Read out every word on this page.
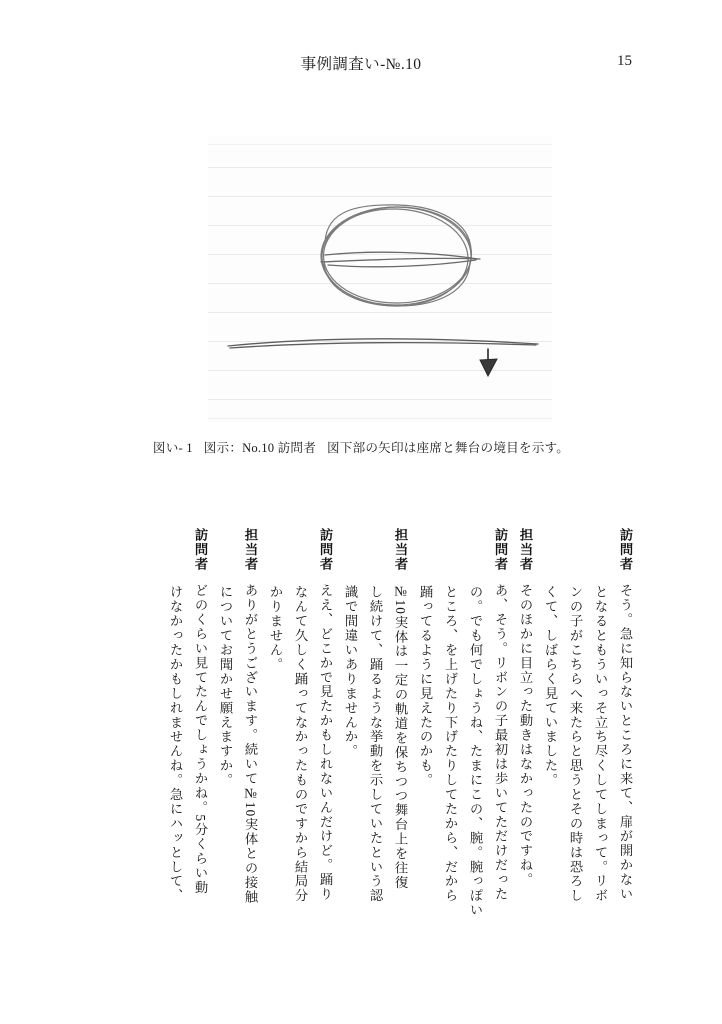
事例調査い-№.10	15
図い- 1 図示：No.10 訪問者 図下部の矢印は座席と舞台の境目を示す。
訪問者そう。急に知らないところに来て、扉が開かない
となるともういっそ立ち尽くしてしまって。リボ
ンの子がこちらへ来たらと思うとその時は恐ろし
くて、しばらく見ていました。
担当者そのほかに目立った動きはなかったのですね。
訪問者あ、そう。リボンの子最初は歩いてただけだった
の。でも何でしょうね、たまにこの、腕。腕っぽい
ところ、を上げたり下げたりしてたから、だから
踊ってるように見えたのかも。
担当者№10実体は一定の軌道を保ちつつ舞台上を往復
し続けて、踊るような挙動を示していたという認
識で間違いありませんか。
訪問者ええ、どこかで見たかもしれないんだけど。踊り
なんて久しく踊ってなかったものですから結局分
かりません。
担当者ありがとうございます。続いて№10実体との接触
についてお聞かせ願えますか。
訪問者どのくらい見てたんでしょうかね。5分くらい動
けなかったかもしれませんね。急にハッとして、
